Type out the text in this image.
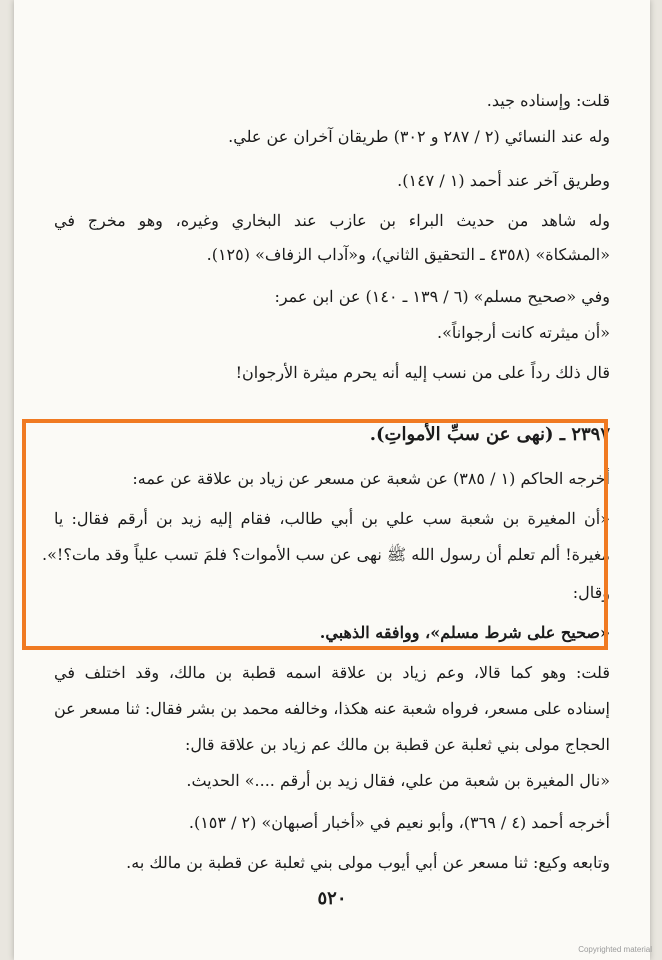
قلت: وإسناده جيد.
وله عند النسائي (٢ / ٢٨٧ و ٣٠٢) طريقان آخران عن علي.
وطريق آخر عند أحمد (١ / ١٤٧).
وله شاهد من حديث البراء بن عازب عند البخاري وغيره، وهو مخرج في
«المشكاة» (٤٣٥٨ ـ التحقيق الثاني)، و«آداب الزفاف» (١٢٥).
وفي «صحيح مسلم» (٦ / ١٣٩ ـ ١٤٠) عن ابن عمر:
«أن ميثرته كانت أرجواناً».
قال ذلك رداً على من نسب إليه أنه يحرم ميثرة الأرجوان!
٢٣٩٧ ـ (نهى عن سبِّ الأمواتِ).
أخرجه الحاكم (١ / ٣٨٥) عن شعبة عن مسعر عن زياد بن علاقة عن عمه:
«أن المغيرة بن شعبة سب علي بن أبي طالب، فقام إليه زيد بن أرقم فقال: يا
مغيرة! ألم تعلم أن رسول الله ﷺ نهى عن سب الأموات؟ فلمَ تسب علياً وقد مات؟!».
وقال:
«صحيح على شرط مسلم»، ووافقه الذهبي.
قلت: وهو كما قالا، وعم زياد بن علاقة اسمه قطبة بن مالك، وقد اختلف في
إسناده على مسعر، فرواه شعبة عنه هكذا، وخالفه محمد بن بشر فقال: ثنا مسعر عن
الحجاج مولى بني ثعلبة عن قطبة بن مالك عم زياد بن علاقة قال:
«نال المغيرة بن شعبة من علي، فقال زيد بن أرقم ....» الحديث.
أخرجه أحمد (٤ / ٣٦٩)، وأبو نعيم في «أخبار أصبهان» (٢ / ١٥٣).
وتابعه وكيع: ثنا مسعر عن أبي أيوب مولى بني ثعلبة عن قطبة بن مالك به.
٥٢٠
Copyrighted material
